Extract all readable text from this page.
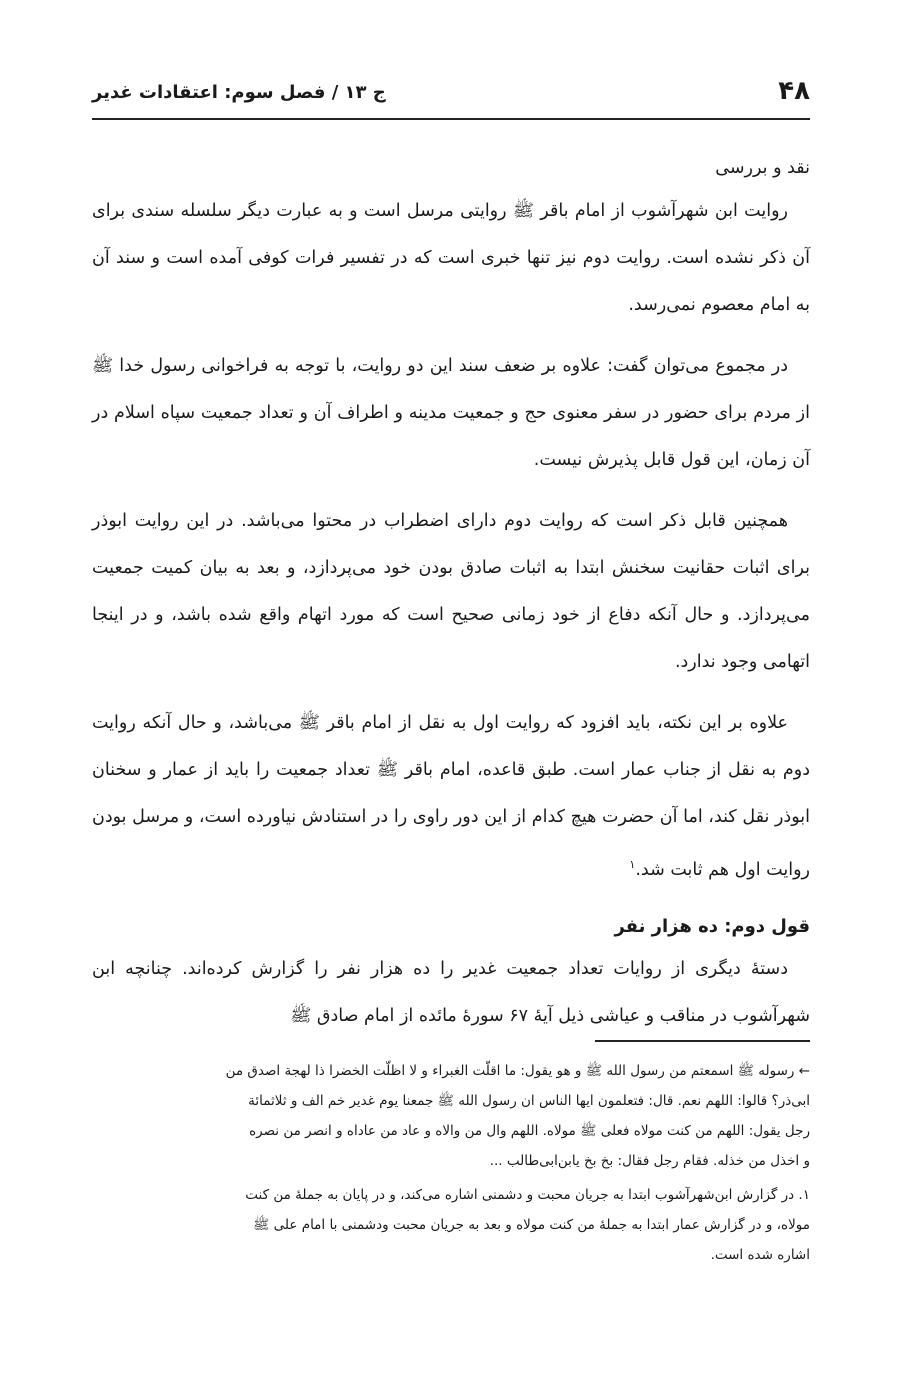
۴۸
ج ۱۳ / فصل سوم: اعتقادات غدیر

نقد و بررسی

روایت ابن شهرآشوب از امام باقر ﷺ روایتی مرسل است و به عبارت دیگر سلسله سندی برای آن ذکر نشده است. روایت دوم نیز تنها خبری است که در تفسیر فرات کوفی آمده است و سند آن به امام معصوم نمی‌رسد.

در مجموع می‌توان گفت: علاوه بر ضعف سند این دو روایت، با توجه به فراخوانی رسول خدا ﷺ از مردم برای حضور در سفر معنوی حج و جمعیت مدینه و اطراف آن و تعداد جمعیت سپاه اسلام در آن زمان، این قول قابل پذیرش نیست.

همچنین قابل ذکر است که روایت دوم دارای اضطراب در محتوا می‌باشد. در این روایت ابوذر برای اثبات حقانیت سخنش ابتدا به اثبات صادق بودن خود می‌پردازد، و بعد به بیان کمیت جمعیت می‌پردازد. و حال آنکه دفاع از خود زمانی صحیح است که مورد اتهام واقع شده باشد، و در اینجا اتهامی وجود ندارد.

علاوه بر این نکته، باید افزود که روایت اول به نقل از امام باقر ﷺ می‌باشد، و حال آنکه روایت دوم به نقل از جناب عمار است. طبق قاعده، امام باقر ﷺ تعداد جمعیت را باید از عمار و سخنان ابوذر نقل کند، اما آن حضرت هیچ کدام از این دور راوی را در استنادش نیاورده است، و مرسل بودن روایت اول هم ثابت شد.$^۱$

قول دوم: ده هزار نفر

دستهٔ دیگری از روایات تعداد جمعیت غدیر را ده هزار نفر را گزارش کرده‌اند. چنانچه ابن شهرآشوب در مناقب و عیاشی ذیل آیهٔ ۶۷ سورهٔ مائده از امام صادق ﷺ

← رسوله ﷺ اسمعتم من رسول الله ﷺ و هو یقول: ما اقلّت الغبراء و لا اظلّت الخضرا ذا لهجة اصدق من
ابی‌ذر؟ قالوا: اللهم نعم. قال: فتعلمون ایها الناس ان رسول الله ﷺ جمعنا یوم غدیر خم الف و ثلاثمائة
رجل یقول: اللهم من کنت مولاه فعلی ﷺ مولاه. اللهم وال من والاه و عاد من عاداه و انصر من نصره
و اخذل من خذله. فقام رجل فقال: بخ بخ یابن‌ابی‌طالب ...

۱. در گزارش ابن‌شهرآشوب ابتدا به جریان محبت و دشمنی اشاره می‌کند، و در پایان به جملهٔ من کنت
مولاه، و در گزارش عمار ابتدا به جملهٔ من کنت مولاه و بعد به جریان محبت ودشمنی با امام علی ﷺ
اشاره شده است.
